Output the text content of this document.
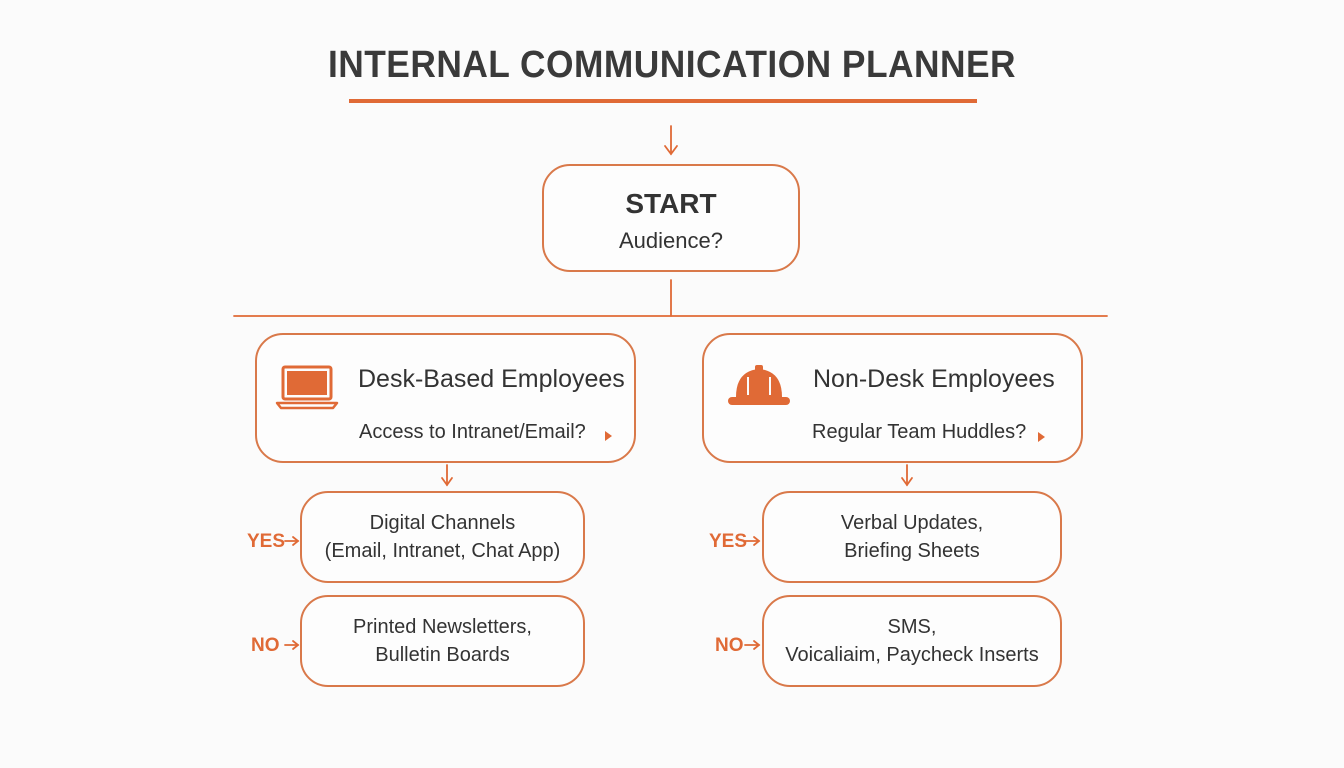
INTERNAL COMMUNICATION PLANNER
START
Audience?
Desk-Based Employees
Access to Intranet/Email?
Non-Desk Employees
Regular Team Huddles?
YES
Digital Channels
(Email, Intranet, Chat App)
NO
Printed Newsletters,
Bulletin Boards
YES
Verbal Updates,
Briefing Sheets
NO
SMS,
Voicaliaim, Paycheck Inserts
